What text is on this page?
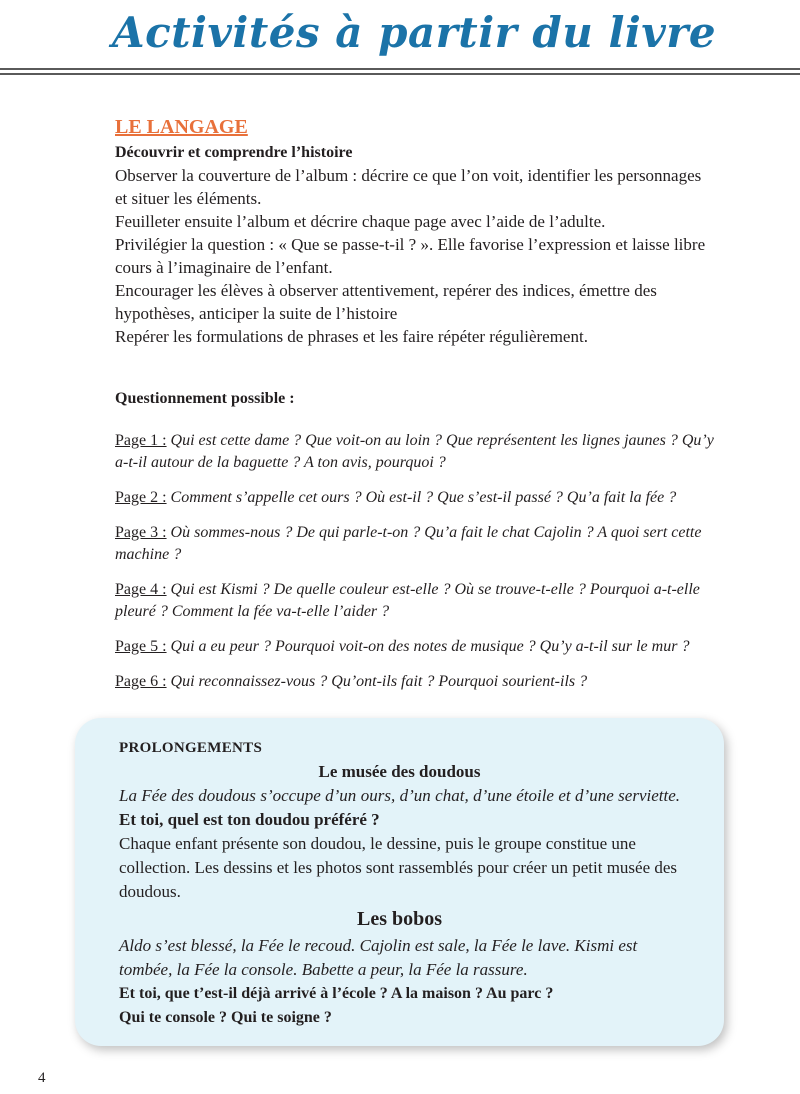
Activités à partir du livre
LE LANGAGE
Découvrir et comprendre l’histoire
Observer la couverture de l’album : décrire ce que l’on voit, identifier les personnages et situer les éléments.
Feuilleter ensuite l’album et décrire chaque page avec l’aide de l’adulte.
Privilégier la question : « Que se passe-t-il ? ». Elle favorise l’expression et laisse libre cours à l’imaginaire de l’enfant.
Encourager les élèves à observer attentivement, repérer des indices, émettre des hypothèses, anticiper la suite de l’histoire
Repérer les formulations de phrases et les faire répéter régulièrement.
Questionnement possible :
Page 1 : Qui est cette dame ? Que voit-on au loin ? Que représentent les lignes jaunes ? Qu’y a-t-il autour de la baguette ? A ton avis, pourquoi ?
Page 2 : Comment s’appelle cet ours ? Où est-il ? Que s’est-il passé ? Qu’a fait la fée ?
Page 3 : Où sommes-nous ? De qui parle-t-on ? Qu’a fait le chat Cajolin ? A quoi sert cette machine ?
Page 4 : Qui est Kismi ? De quelle couleur est-elle ? Où se trouve-t-elle ? Pourquoi a-t-elle pleuré ? Comment la fée va-t-elle l’aider ?
Page 5 : Qui a eu peur ? Pourquoi voit-on des notes de musique ? Qu’y a-t-il sur le mur ?
Page 6 : Qui reconnaissez-vous ? Qu’ont-ils fait ? Pourquoi sourient-ils ?
PROLONGEMENTS
Le musée des doudous
La Fée des doudous s’occupe d’un ours, d’un chat, d’une étoile et d’une serviette. Et toi, quel est ton doudou préféré ?
Chaque enfant présente son doudou, le dessine, puis le groupe constitue une collection. Les dessins et les photos sont rassemblés pour créer un petit musée des doudous.
Les bobos
Aldo s’est blessé, la Fée le recoud. Cajolin est sale, la Fée le lave. Kismi est tombée, la Fée la console. Babette a peur, la Fée la rassure.
Et toi, que t’est-il déjà arrivé à l’école ? A la maison ? Au parc ?
Qui te console ? Qui te soigne ?
4
